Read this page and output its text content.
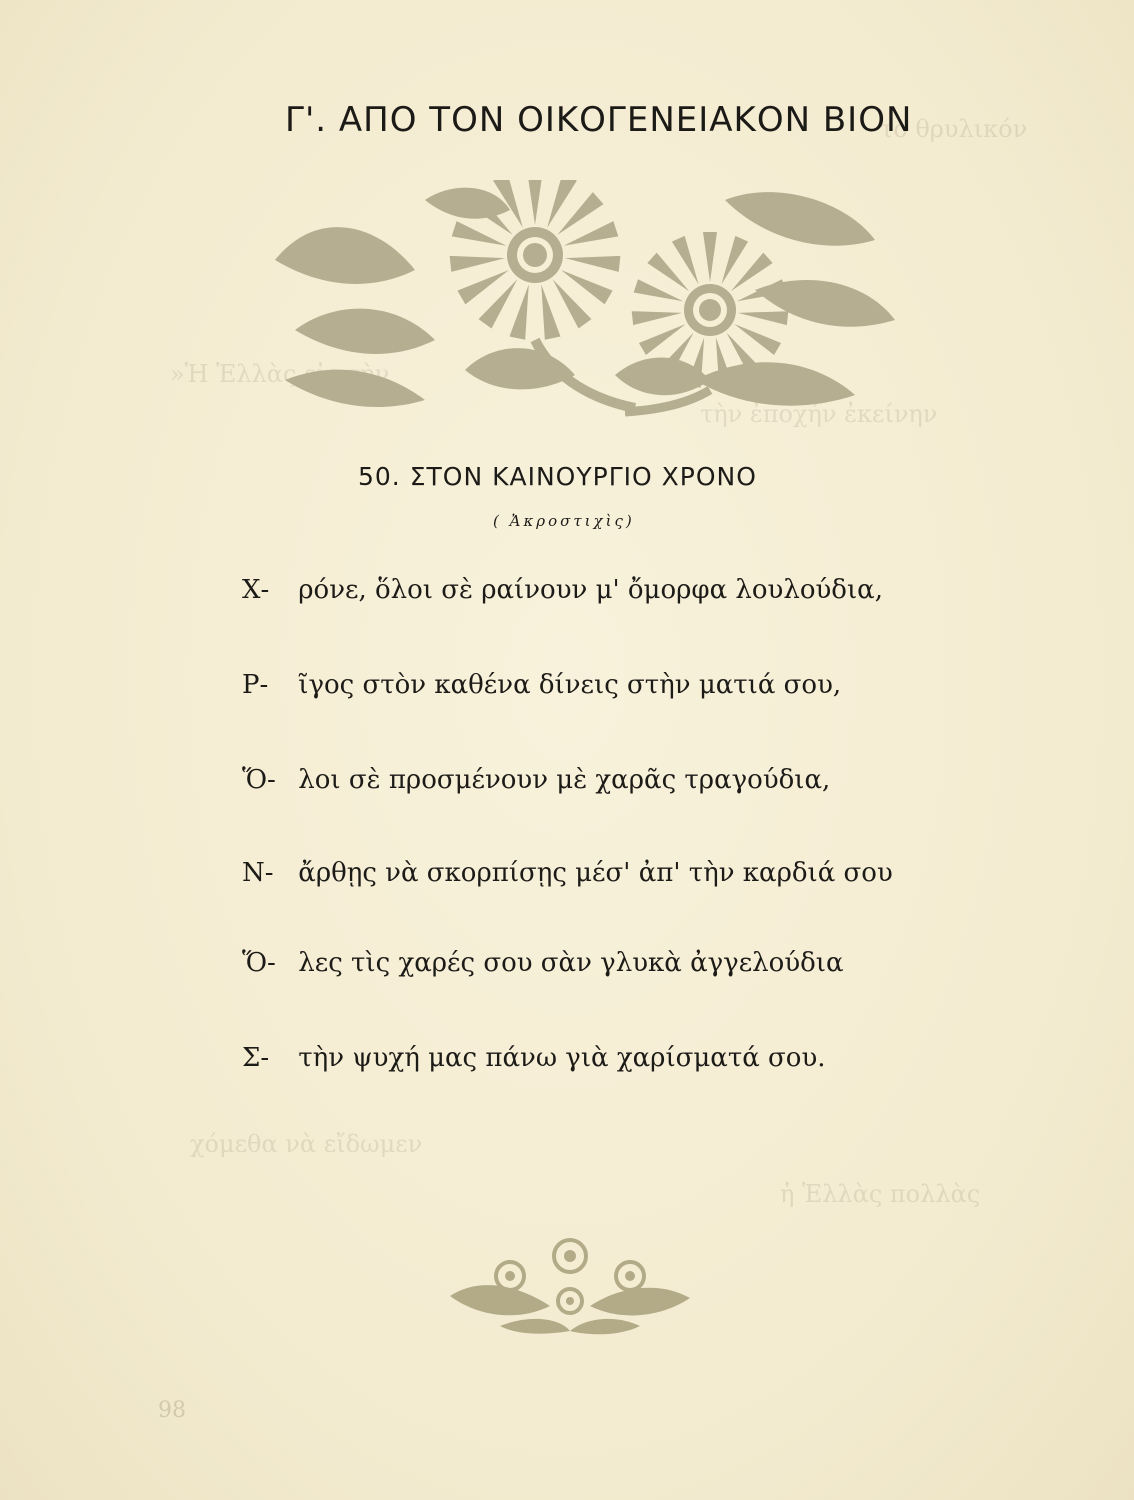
τὸ θρυλικόν
»Ἡ Ἑλλὰς εἰς τὴν
τὴν ἐποχήν ἐκείνην
χόμεθα νὰ εἴδωμεν
ἡ Ἑλλὰς πολλὰς
Γ'. ΑΠΟ ΤΟΝ ΟΙΚΟΓΕΝΕΙΑΚΟΝ ΒΙΟΝ
50. ΣΤΟΝ ΚΑΙΝΟΥΡΓΙΟ ΧΡΟΝΟ
( Ἀκροστιχὶς)
Χ- ρόνε, ὅλοι σὲ ραίνουν μ' ὄμορφα λουλούδια,
Ρ- ῖγος στὸν καθένα δίνεις στὴν ματιά σου,
Ὅ- λοι σὲ προσμένουν μὲ χαρᾶς τραγούδια,
Ν- ἄρθῃς νὰ σκορπίσῃς μέσ' ἀπ' τὴν καρδιά σου
Ὅ- λες τὶς χαρές σου σὰν γλυκὰ ἀγγελούδια
Σ- τὴν ψυχή μας πάνω γιὰ χαρίσματά σου.
98
